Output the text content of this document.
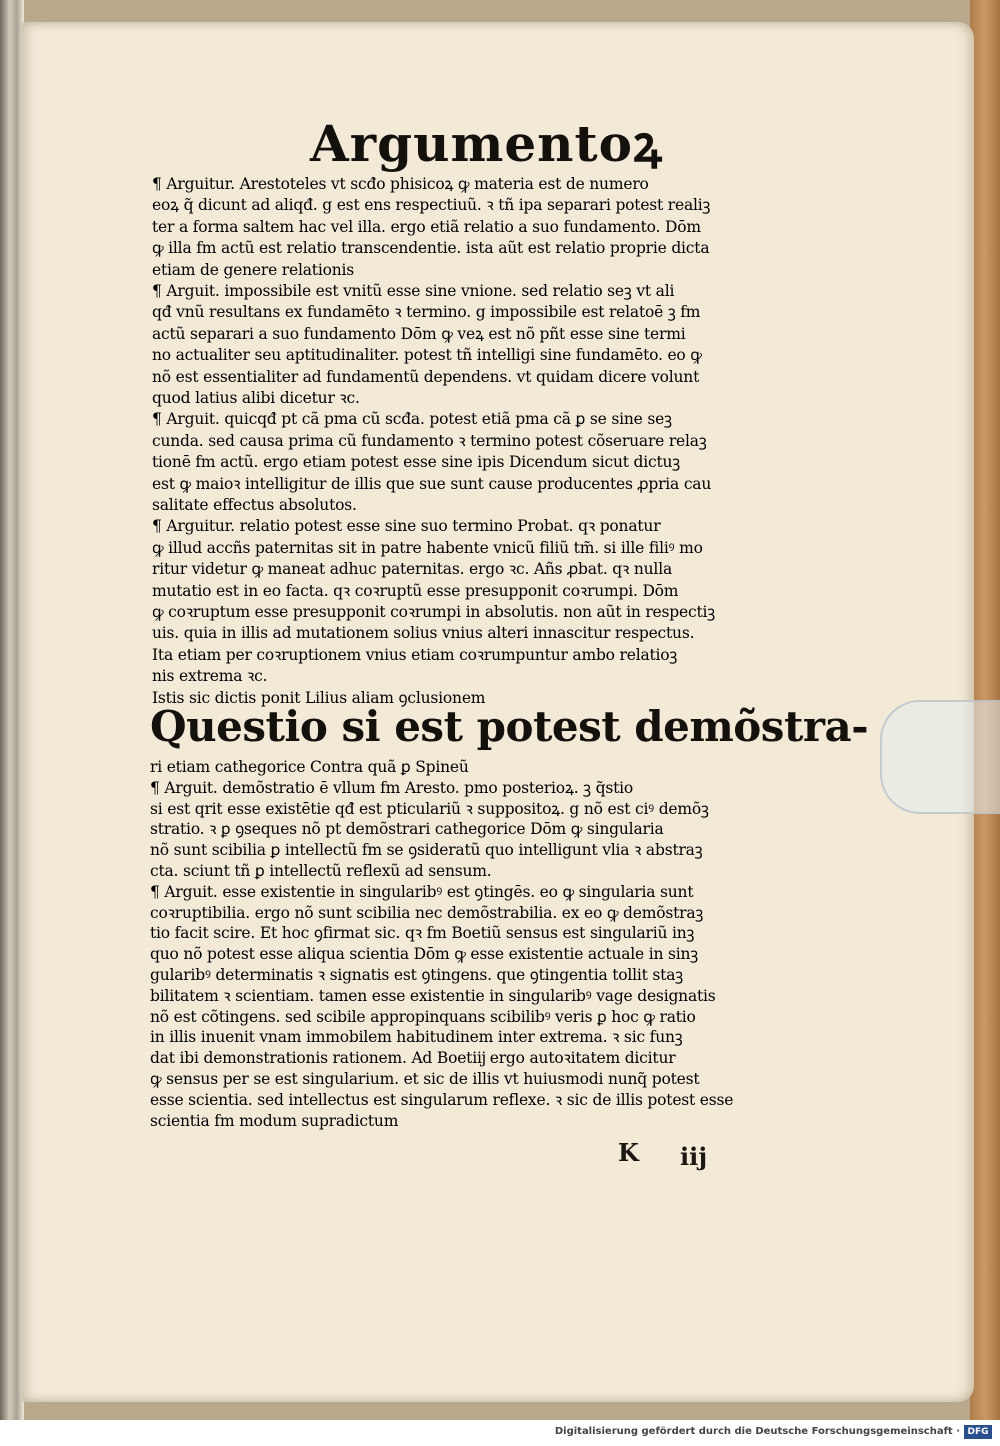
Argumentoꝝ
¶ Arguitur. Arestoteles vt scđo phisicoꝝ ꝙ materia est de numero
eoꝝ q̃ dicunt ad aliqđ. g est ens respectiuũ. ꝛ tñ ipa separari potest realiꝫ
ter a forma saltem hac vel illa. ergo etiã relatio a suo fundamento. Dōm
ꝙ illa fm actũ est relatio transcendentie. ista aũt est relatio proprie dicta
etiam de genere relationis
¶ Arguit. impossibile est vnitũ esse sine vnione. sed relatio seꝫ vt ali
qđ vnũ resultans ex fundamēto ꝛ termino. g impossibile est relatoē ꝫ fm
actũ separari a suo fundamento Dōm ꝙ veꝝ est nõ pñt esse sine termi
no actualiter seu aptitudinaliter. potest tñ intelligi sine fundamēto. eo ꝙ
nõ est essentialiter ad fundamentũ dependens. vt quidam dicere volunt
quod latius alibi dicetur ꝛc.
¶ Arguit. quicqđ pt cã pma cũ scđa. potest etiã pma cã ꝑ se sine seꝫ
cunda. sed causa prima cũ fundamento ꝛ termino potest cõseruare relaꝫ
tionē fm actũ. ergo etiam potest esse sine ipis Dicendum sicut dictuꝫ
est ꝙ maioꝛ intelligitur de illis que sue sunt cause producentes ꝓpria cau
salitate effectus absolutos.
¶ Arguitur. relatio potest esse sine suo termino Probat. qꝛ ponatur
ꝙ illud accñs paternitas sit in patre habente vnicũ filiũ tm̃. si ille filiꝰ mo
ritur videtur ꝙ maneat adhuc paternitas. ergo ꝛc. Añs ꝓbat. qꝛ nulla
mutatio est in eo facta. qꝛ coꝛruptũ esse presupponit coꝛrumpi. Dōm
ꝙ coꝛruptum esse presupponit coꝛrumpi in absolutis. non aũt in respectiꝫ
uis. quia in illis ad mutationem solius vnius alteri innascitur respectus.
Ita etiam per coꝛruptionem vnius etiam coꝛrumpuntur ambo relatioꝫ
nis extrema ꝛc.
Istis sic dictis ponit Lilius aliam ꝯclusionem
Questio si est potest demõstra-
ri etiam cathegorice Contra quã ꝑ Spineũ
¶ Arguit. demõstratio ē vllum fm Aresto. pmo posterioꝝ. ꝫ q̃stio
si est qrit esse existētie qđ est pticulariũ ꝛ suppositoꝝ. g nõ est ciꝰ demõꝫ
stratio. ꝛ ꝑ ꝯseques nõ pt demõstrari cathegorice Dōm ꝙ singularia
nõ sunt scibilia ꝑ intellectũ fm se ꝯsideratũ quo intelligunt vlia ꝛ abstraꝫ
cta. sciunt tñ ꝑ intellectũ reflexũ ad sensum.
¶ Arguit. esse existentie in singularibꝰ est ꝯtingēs. eo ꝙ singularia sunt
coꝛruptibilia. ergo nõ sunt scibilia nec demõstrabilia. ex eo ꝙ demõstraꝫ
tio facit scire. Et hoc ꝯfirmat sic. qꝛ fm Boetiũ sensus est singulariũ inꝫ
quo nõ potest esse aliqua scientia Dōm ꝙ esse existentie actuale in sinꝫ
gularibꝰ determinatis ꝛ signatis est ꝯtingens. que ꝯtingentia tollit staꝫ
bilitatem ꝛ scientiam. tamen esse existentie in singularibꝰ vage designatis
nõ est cõtingens. sed scibile appropinquans scibilibꝰ veris ꝑ hoc ꝙ ratio
in illis inuenit vnam immobilem habitudinem inter extrema. ꝛ sic funꝫ
dat ibi demonstrationis rationem. Ad Boetiĳ ergo autoꝛitatem dicitur
ꝙ sensus per se est singularium. et sic de illis vt huiusmodi nunq̃ potest
esse scientia. sed intellectus est singularum reflexe. ꝛ sic de illis potest esse
scientia fm modum supradictum
K iĳ
Digitalisierung gefördert durch die Deutsche Forschungsgemeinschaft · DFG
